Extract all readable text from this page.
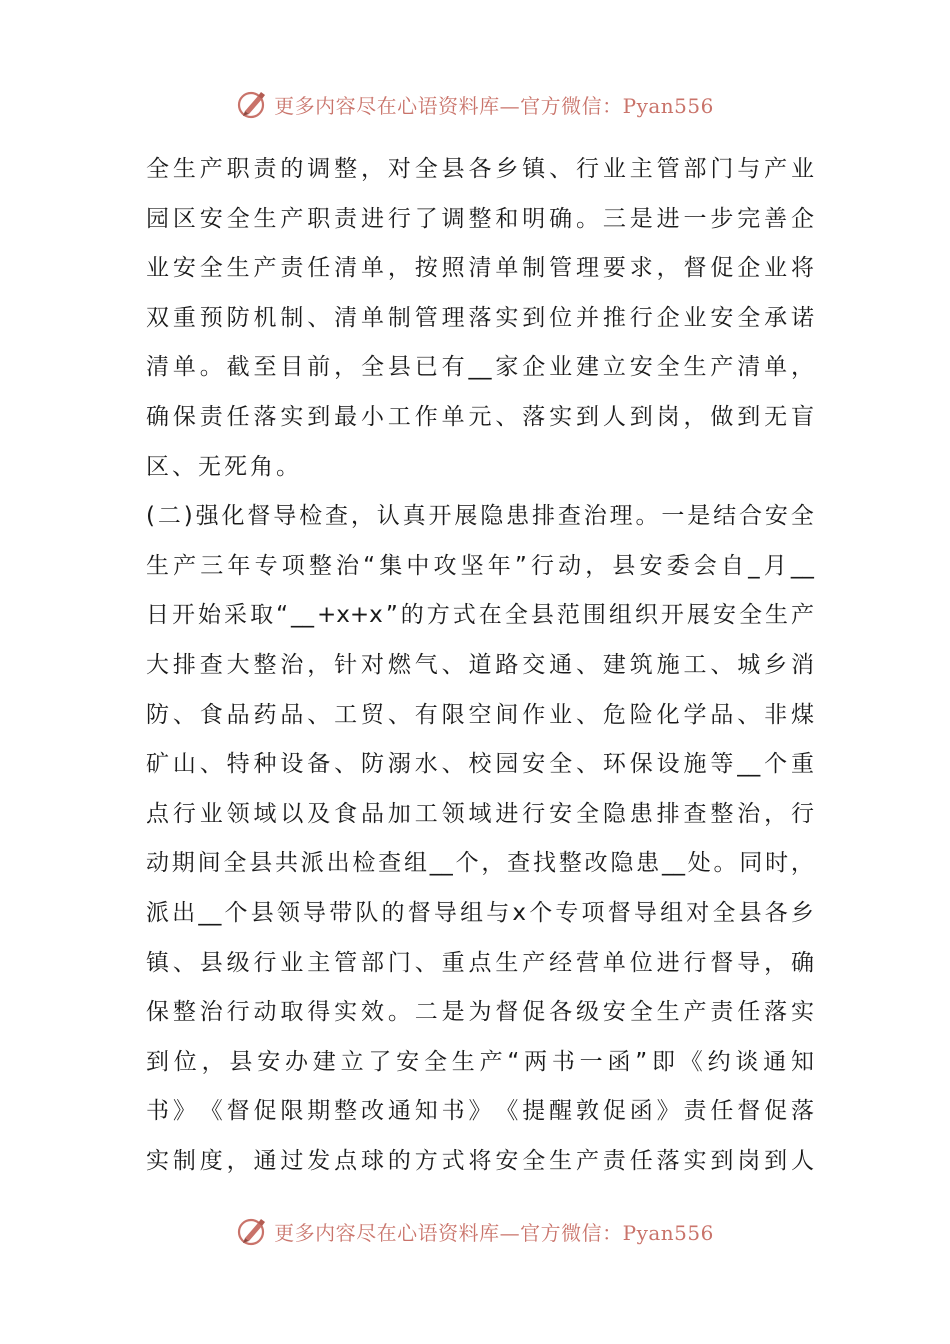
更多内容尽在心语资料库—官方微信：Pyan556
全 生 产 职 责 的 调 整 ， 对 全 县 各 乡 镇 、 行 业 主 管 部 门 与 产 业
园 区 安 全 生 产 职 责 进 行 了 调 整 和 明 确 。 三 是 进 一 步 完 善 企
业 安 全 生 产 责 任 清 单 ， 按 照 清 单 制 管 理 要 求 ， 督 促 企 业 将
双 重 预 防 机 制 、 清 单 制 管 理 落 实 到 位 并 推 行 企 业 安 全 承 诺
清 单 。 截 至 目 前 ， 全 县 已 有 __ 家 企 业 建 立 安 全 生 产 清 单 ，
确 保 责 任 落 实 到 最 小 工 作 单 元 、 落 实 到 人 到 岗 ， 做 到 无 盲
区、无死角。
( 二 ) 强 化 督 导 检 查 ， 认 真 开 展 隐 患 排 查 治 理 。 一 是 结 合 安 全
生 产 三 年 专 项 整 治 “ 集 中 攻 坚 年 ” 行 动 ， 县 安 委 会 自 _ 月 __
日 开 始 采 取 “ __ +x+x ” 的 方 式 在 全 县 范 围 组 织 开 展 安 全 生 产
大 排 查 大 整 治 ， 针 对 燃 气 、 道 路 交 通 、 建 筑 施 工 、 城 乡 消
防 、 食 品 药 品 、 工 贸 、 有 限 空 间 作 业 、 危 险 化 学 品 、 非 煤
矿 山 、 特 种 设 备 、 防 溺 水 、 校 园 安 全 、 环 保 设 施 等 __ 个 重
点 行 业 领 域 以 及 食 品 加 工 领 域 进 行 安 全 隐 患 排 查 整 治 ， 行
动 期 间 全 县 共 派 出 检 查 组 __ 个 ， 查 找 整 改 隐 患 __ 处 。 同 时 ，
派 出 __ 个 县 领 导 带 队 的 督 导 组 与 x 个 专 项 督 导 组 对 全 县 各 乡
镇 、 县 级 行 业 主 管 部 门 、 重 点 生 产 经 营 单 位 进 行 督 导 ， 确
保 整 治 行 动 取 得 实 效 。 二 是 为 督 促 各 级 安 全 生 产 责 任 落 实
到 位 ， 县 安 办 建 立 了 安 全 生 产 “ 两 书 一 函 ” 即 《 约 谈 通 知
书 》 《 督 促 限 期 整 改 通 知 书 》 《 提 醒 敦 促 函 》 责 任 督 促 落
实 制 度 ， 通 过 发 点 球 的 方 式 将 安 全 生 产 责 任 落 实 到 岗 到 人
更多内容尽在心语资料库—官方微信：Pyan556
